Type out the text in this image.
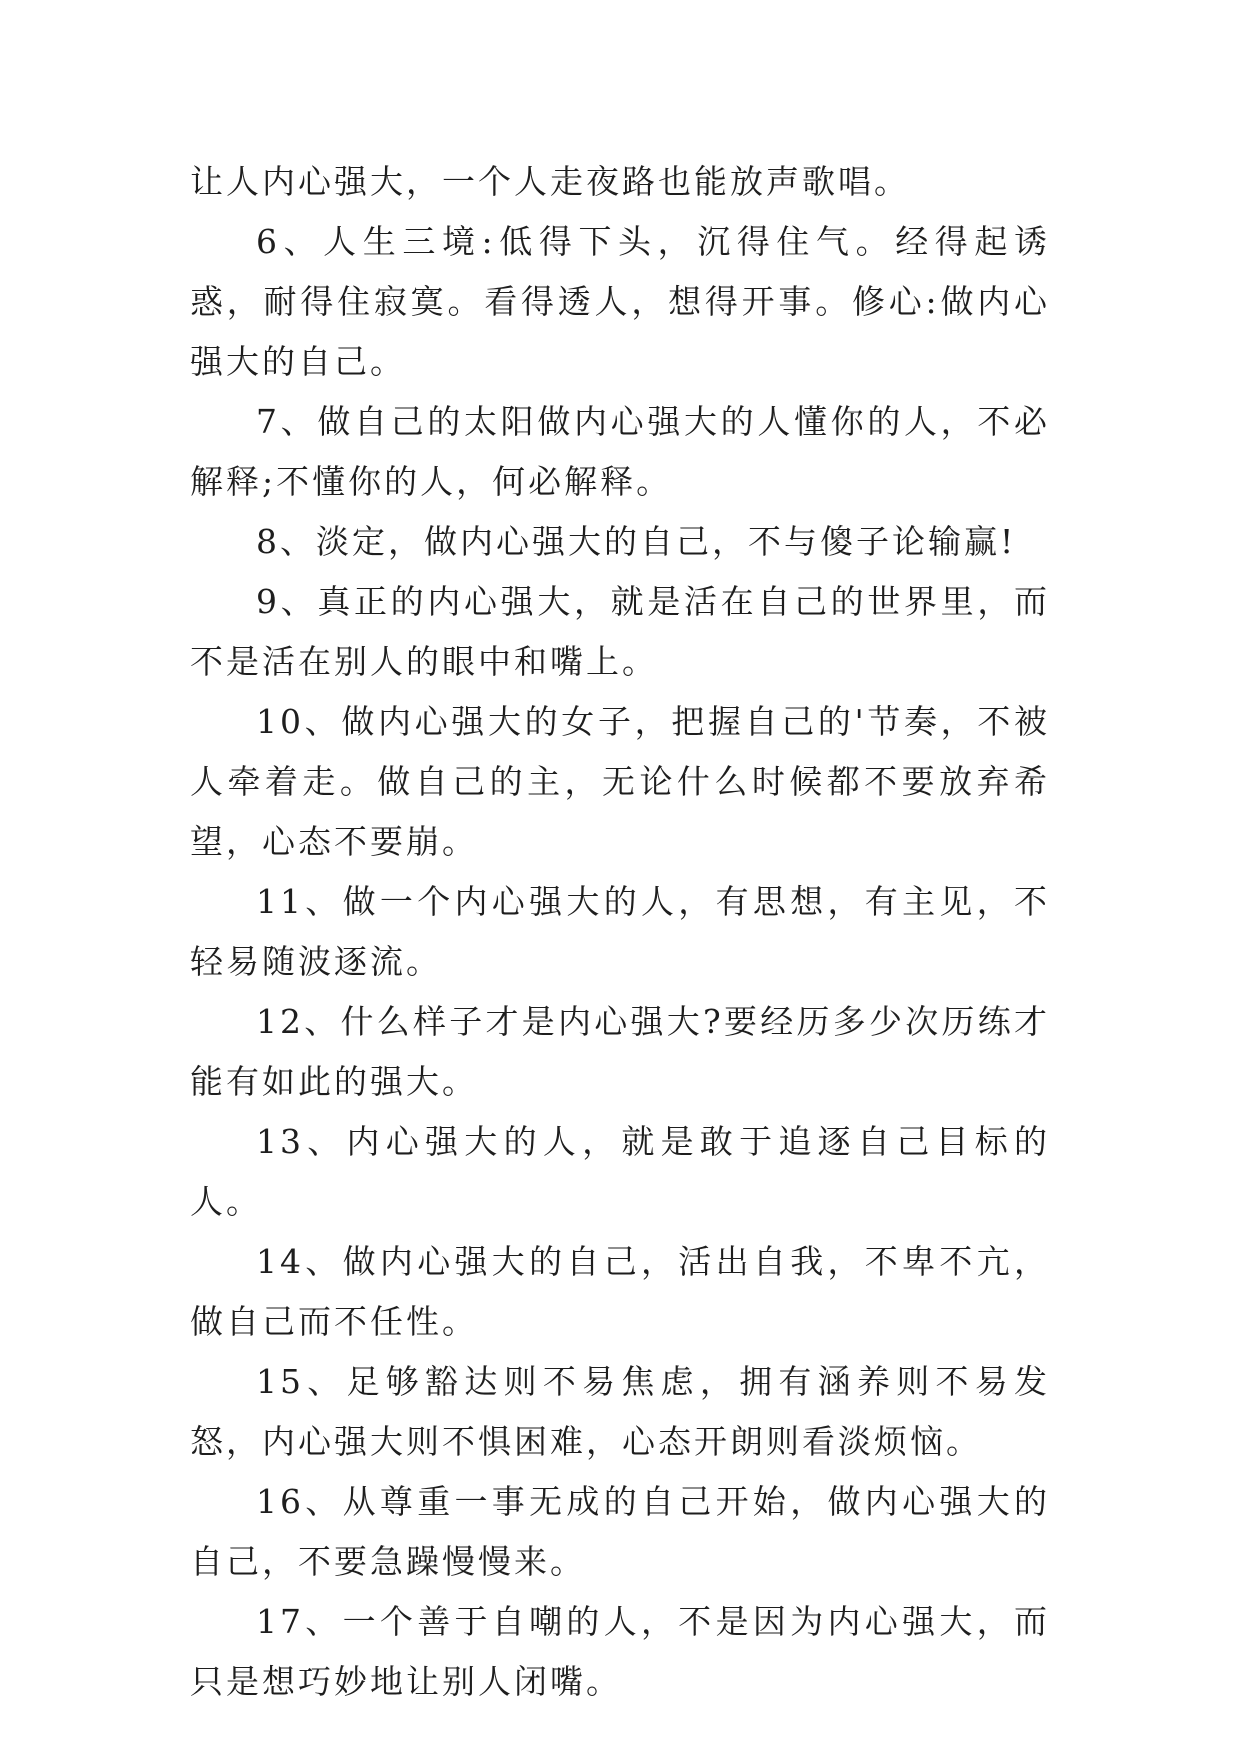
让人内心强大，一个人走夜路也能放声歌唱。

6、人生三境:低得下头，沉得住气。经得起诱惑，耐得住寂寞。看得透人，想得开事。修心:做内心强大的自己。

7、做自己的太阳做内心强大的人懂你的人，不必解释;不懂你的人，何必解释。

8、淡定，做内心强大的自己，不与傻子论输赢!

9、真正的内心强大，就是活在自己的世界里，而不是活在别人的眼中和嘴上。

10、做内心强大的女子，把握自己的'节奏，不被人牵着走。做自己的主，无论什么时候都不要放弃希望，心态不要崩。

11、做一个内心强大的人，有思想，有主见，不轻易随波逐流。

12、什么样子才是内心强大?要经历多少次历练才能有如此的强大。

13、内心强大的人，就是敢于追逐自己目标的人。

14、做内心强大的自己，活出自我，不卑不亢，做自己而不任性。

15、足够豁达则不易焦虑，拥有涵养则不易发怒，内心强大则不惧困难，心态开朗则看淡烦恼。

16、从尊重一事无成的自己开始，做内心强大的自己，不要急躁慢慢来。

17、一个善于自嘲的人，不是因为内心强大，而只是想巧妙地让别人闭嘴。
